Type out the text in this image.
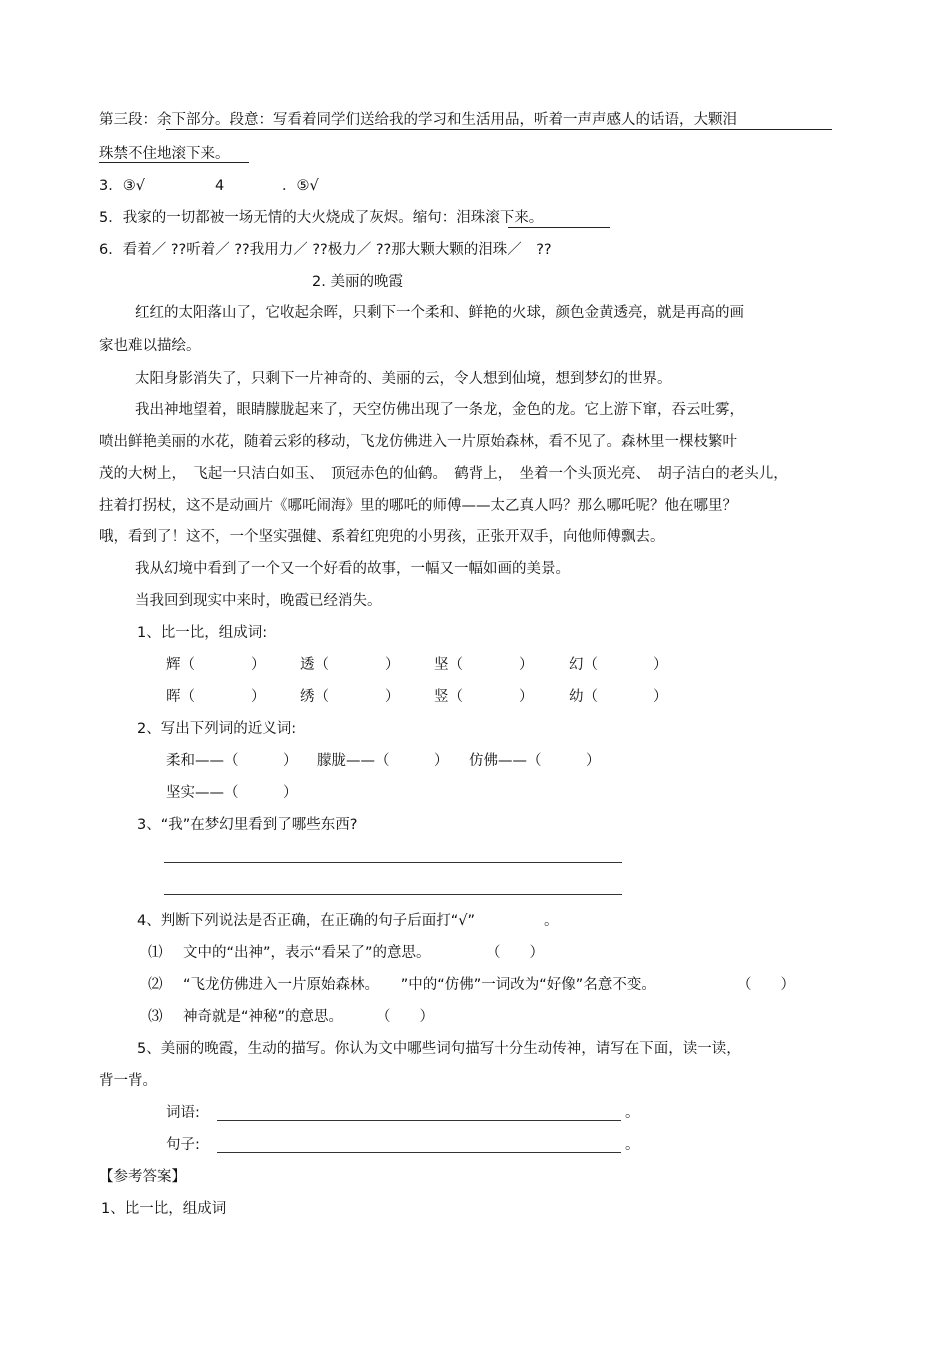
第三段：余下部分。段意：写看着同学们送给我的学习和生活用品，听着一声声感人的话语，大颗泪
珠禁不住地滚下来。
3．③√	4	．⑤√
5．我家的一切都被一场无情的大火烧成了灰烬。缩句：泪珠滚下来。
6．看着／ ??听着／ ??我用力／ ??极力／ ??那大颗大颗的泪珠／　??
2. 美丽的晚霞
红红的太阳落山了，它收起余晖，只剩下一个柔和、鲜艳的火球，颜色金黄透亮，就是再高的画
家也难以描绘。
太阳身影消失了，只剩下一片神奇的、美丽的云，令人想到仙境，想到梦幻的世界。
我出神地望着，眼睛朦胧起来了，天空仿佛出现了一条龙，金色的龙。它上游下窜，吞云吐雾，
喷出鲜艳美丽的水花，随着云彩的移动，飞龙仿佛进入一片原始森林，看不见了。森林里一棵枝繁叶
茂的大树上，　飞起一只洁白如玉、　顶冠赤色的仙鹤。　鹤背上，　坐着一个头顶光亮、　胡子洁白的老头儿，
拄着打拐杖，这不是动画片《哪吒闹海》里的哪吒的师傅——太乙真人吗？那么哪吒呢？他在哪里？
哦，看到了！这不，一个坚实强健、系着红兜兜的小男孩，正张开双手，向他师傅飘去。
我从幻境中看到了一个又一个好看的故事，一幅又一幅如画的美景。
当我回到现实中来时，晚霞已经消失。
1、比一比，组成词:
辉（	） 透（	） 坚（	） 幻（	）
晖（	） 绣（	） 竖（	） 幼（	）
2、写出下列词的近义词:
柔和——（	） 朦胧——（	） 仿佛——（	）
坚实——（	）
3、“我”在梦幻里看到了哪些东西?
4、判断下列说法是否正确，在正确的句子后面打“√”	。
⑴ 文中的“出神”，表示“看呆了”的意思。	（　　）
⑵ “飞龙仿佛进入一片原始森林。　　”中的“仿佛”一词改为“好像”名意不变。	（　　）
⑶ 神奇就是“神秘”的意思。 （　　）
5、美丽的晚霞，生动的描写。你认为文中哪些词句描写十分生动传神，请写在下面，读一读，
背一背。
词语:	。
句子:	。
【参考答案】
1、比一比，组成词
